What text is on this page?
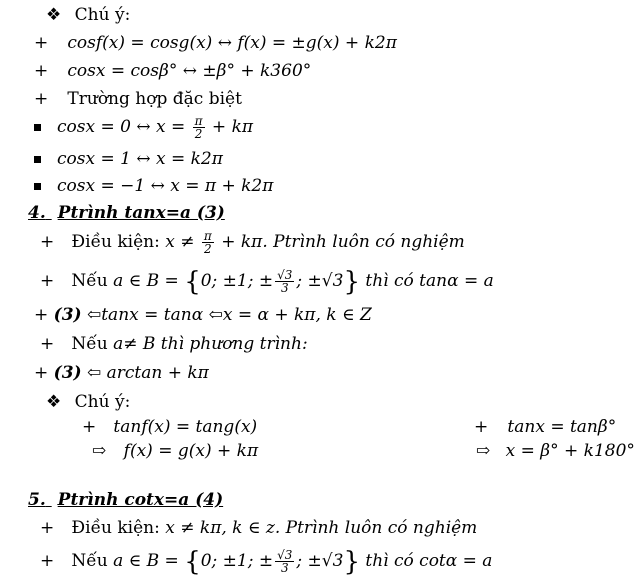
❖ Chú ý:
+ cosf(x) = cosg(x) ↔ f(x) = ±g(x) + k2π
+ cosx = cosβ° ↔ ±β° + k360°
+ Trường hợp đặc biệt
cosx = 0 ↔ $x = \frac{\pi}{2} + k\pi$
cosx = 1 ↔ x = k2π
cosx = −1 ↔ x = π + k2π
4. Ptrình tanx=a (3)
+ Điều kiện: $x \ne \frac{\pi}{2} + k\pi$. Ptrình luôn có nghiệm
+ Nếu a ∈ B = {0; ±1; ± $\frac{√3}{3}$ ; ±√3} thì có tanα = a
+ (3) ⇦tanx = tanα ⇦x = α + kπ, k ∈ Z
+ Nếu a≠ B thì phương trình:
+ (3) ⇦ arctan + kπ
❖ Chú ý:
+ tanf(x) = tang(x)	+ tanx = tanβ°
⇨ f(x) = g(x) + kπ	⇨ x = β° + k180°
5. Ptrình cotx=a (4)
+ Điều kiện: x ≠ kπ, k ∈ z. Ptrình luôn có nghiệm
+ Nếu a ∈ B = {0; ±1; ± $\frac{√3}{3}$ ; ±√3} thì có cotα = a
